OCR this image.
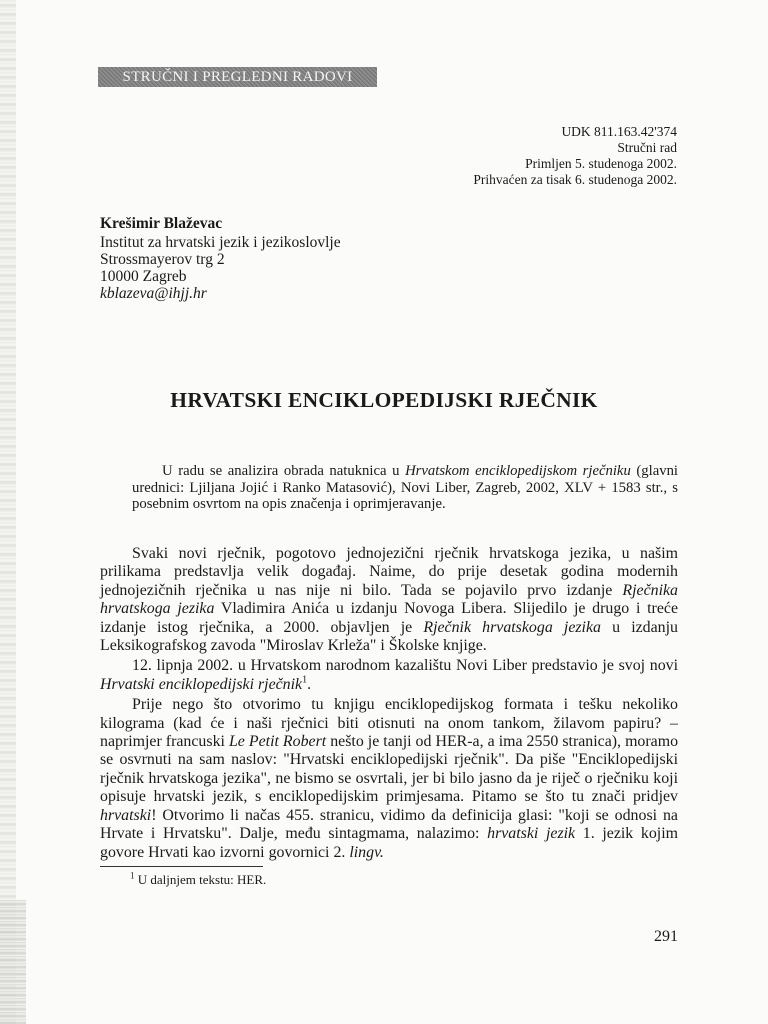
STRUČNI I PREGLEDNI RADOVI
UDK 811.163.42'374
Stručni rad
Primljen 5. studenoga 2002.
Prihvaćen za tisak 6. studenoga 2002.
Krešimir Blaževac
Institut za hrvatski jezik i jezikoslovlje
Strossmayerov trg 2
10000 Zagreb
kblazeva@ihjj.hr
HRVATSKI ENCIKLOPEDIJSKI RJEČNIK

U radu se analizira obrada natuknica u Hrvatskom enciklopedijskom rječniku (glavni urednici: Ljiljana Jojić i Ranko Matasović), Novi Liber, Zagreb, 2002, XLV + 1583 str., s posebnim osvrtom na opis značenja i oprimjeravanje.

Svaki novi rječnik, pogotovo jednojezični rječnik hrvatskoga jezika, u našim prilikama predstavlja velik događaj. Naime, do prije desetak godina modernih jednojezičnih rječnika u nas nije ni bilo. Tada se pojavilo prvo izdanje Rječnika hrvatskoga jezika Vladimira Anića u izdanju Novoga Libera. Slijedilo je drugo i treće izdanje istog rječnika, a 2000. objavljen je Rječnik hrvatskoga jezika u izdanju Leksikografskog zavoda "Miroslav Krleža" i Školske knjige.

12. lipnja 2002. u Hrvatskom narodnom kazalištu Novi Liber predstavio je svoj novi Hrvatski enciklopedijski rječnik$^1$.

Prije nego što otvorimo tu knjigu enciklopedijskog formata i tešku nekoliko kilograma (kad će i naši rječnici biti otisnuti na onom tankom, žilavom papiru? – naprimjer francuski Le Petit Robert nešto je tanji od HER-a, a ima 2550 stranica), moramo se osvrnuti na sam naslov: "Hrvatski enciklopedijski rječnik". Da piše "Enciklopedijski rječnik hrvatskoga jezika", ne bismo se osvrtali, jer bi bilo jasno da je riječ o rječniku koji opisuje hrvatski jezik, s enciklopedijskim primjesama. Pitamo se što tu znači pridjev hrvatski! Otvorimo li načas 455. stranicu, vidimo da definicija glasi: "koji se odnosi na Hrvate i Hrvatsku". Dalje, među sintagmama, nalazimo: hrvatski jezik 1. jezik kojim govore Hrvati kao izvorni govornici 2. lingv.

$^1$ U daljnjem tekstu: HER.
291
